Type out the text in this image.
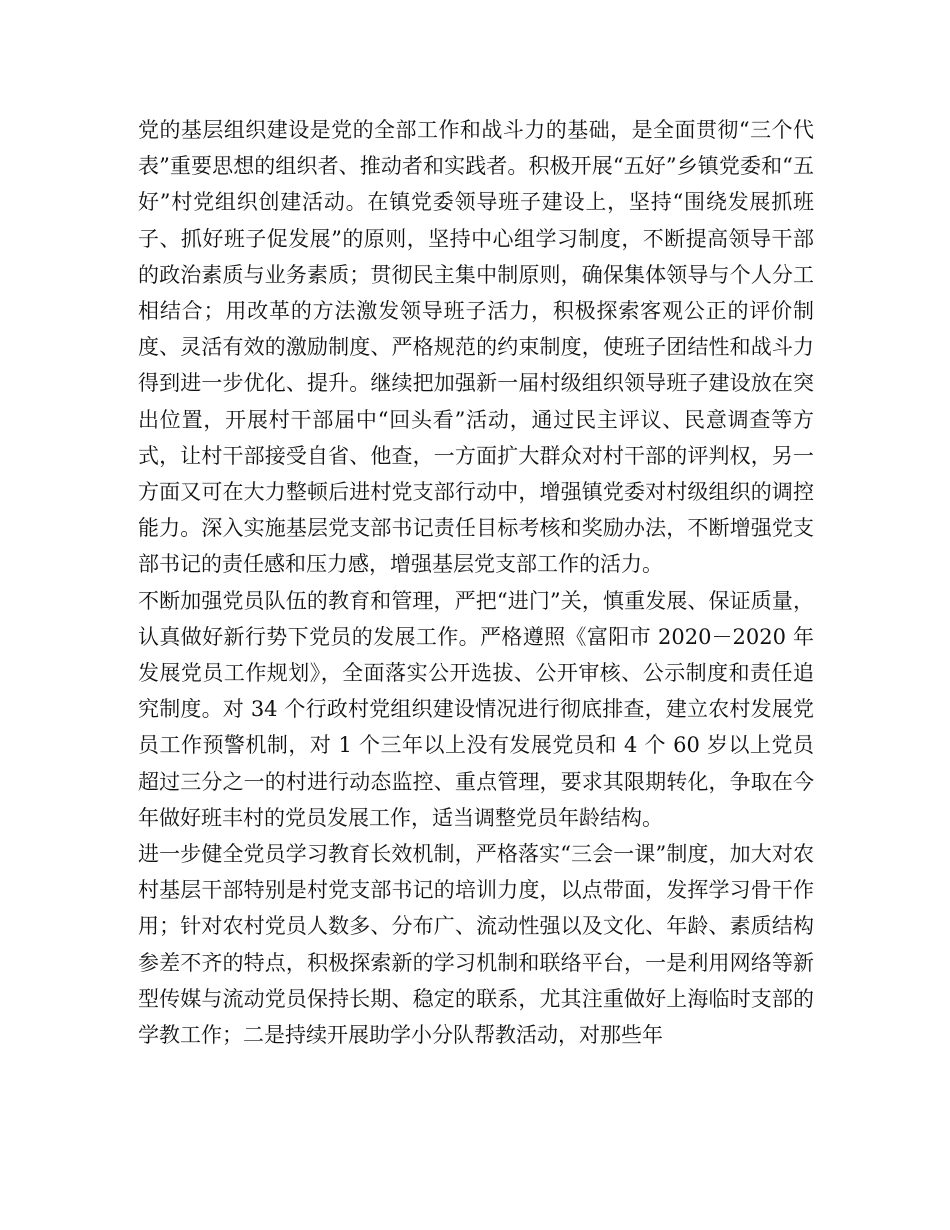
党的基层组织建设是党的全部工作和战斗力的基础，是全面贯彻“三个代表”重要思想的组织者、推动者和实践者。积极开展“五好”乡镇党委和“五好”村党组织创建活动。在镇党委领导班子建设上，坚持“围绕发展抓班子、抓好班子促发展”的原则，坚持中心组学习制度，不断提高领导干部的政治素质与业务素质；贯彻民主集中制原则，确保集体领导与个人分工相结合；用改革的方法激发领导班子活力，积极探索客观公正的评价制度、灵活有效的激励制度、严格规范的约束制度，使班子团结性和战斗力得到进一步优化、提升。继续把加强新一届村级组织领导班子建设放在突出位置，开展村干部届中“回头看”活动，通过民主评议、民意调查等方式，让村干部接受自省、他查，一方面扩大群众对村干部的评判权，另一方面又可在大力整顿后进村党支部行动中，增强镇党委对村级组织的调控能力。深入实施基层党支部书记责任目标考核和奖励办法，不断增强党支部书记的责任感和压力感，增强基层党支部工作的活力。

不断加强党员队伍的教育和管理，严把“进门”关，慎重发展、保证质量，认真做好新行势下党员的发展工作。严格遵照《富阳市 2020－2020 年发展党员工作规划》，全面落实公开选拔、公开审核、公示制度和责任追究制度。对 34 个行政村党组织建设情况进行彻底排查，建立农村发展党员工作预警机制，对 1 个三年以上没有发展党员和 4 个 60 岁以上党员超过三分之一的村进行动态监控、重点管理，要求其限期转化，争取在今年做好班丰村的党员发展工作，适当调整党员年龄结构。

进一步健全党员学习教育长效机制，严格落实“三会一课”制度，加大对农村基层干部特别是村党支部书记的培训力度，以点带面，发挥学习骨干作用；针对农村党员人数多、分布广、流动性强以及文化、年龄、素质结构参差不齐的特点，积极探索新的学习机制和联络平台，一是利用网络等新型传媒与流动党员保持长期、稳定的联系，尤其注重做好上海临时支部的学教工作；二是持续开展助学小分队帮教活动，对那些年
